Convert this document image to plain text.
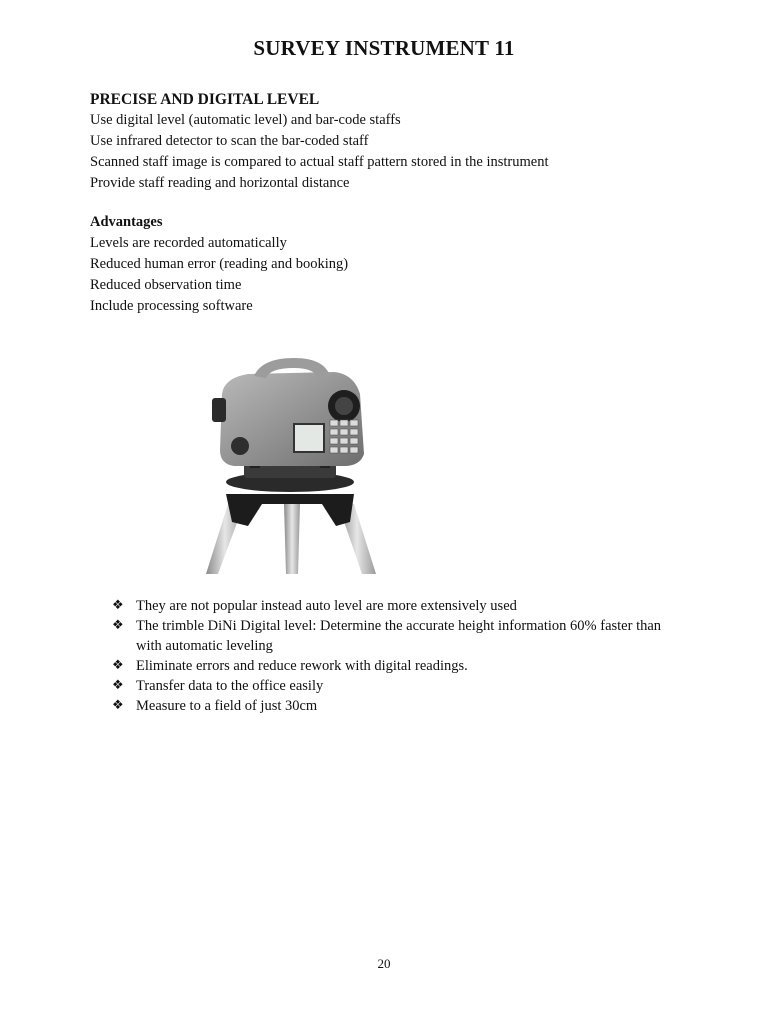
SURVEY INSTRUMENT 11
PRECISE AND DIGITAL LEVEL
Use digital level (automatic level) and bar-code staffs
Use infrared detector to scan the bar-coded staff
Scanned staff image is compared to actual staff pattern stored in the instrument
Provide staff reading and horizontal distance
Advantages
Levels are recorded automatically
Reduced human error (reading and booking)
Reduced observation time
Include processing software
❖ They are not popular instead auto level are more extensively used
❖ The trimble DiNi Digital level: Determine the accurate height information 60% faster than with automatic leveling
❖ Eliminate errors and reduce rework with digital readings.
❖ Transfer data to the office easily
❖ Measure to a field of just 30cm
20
